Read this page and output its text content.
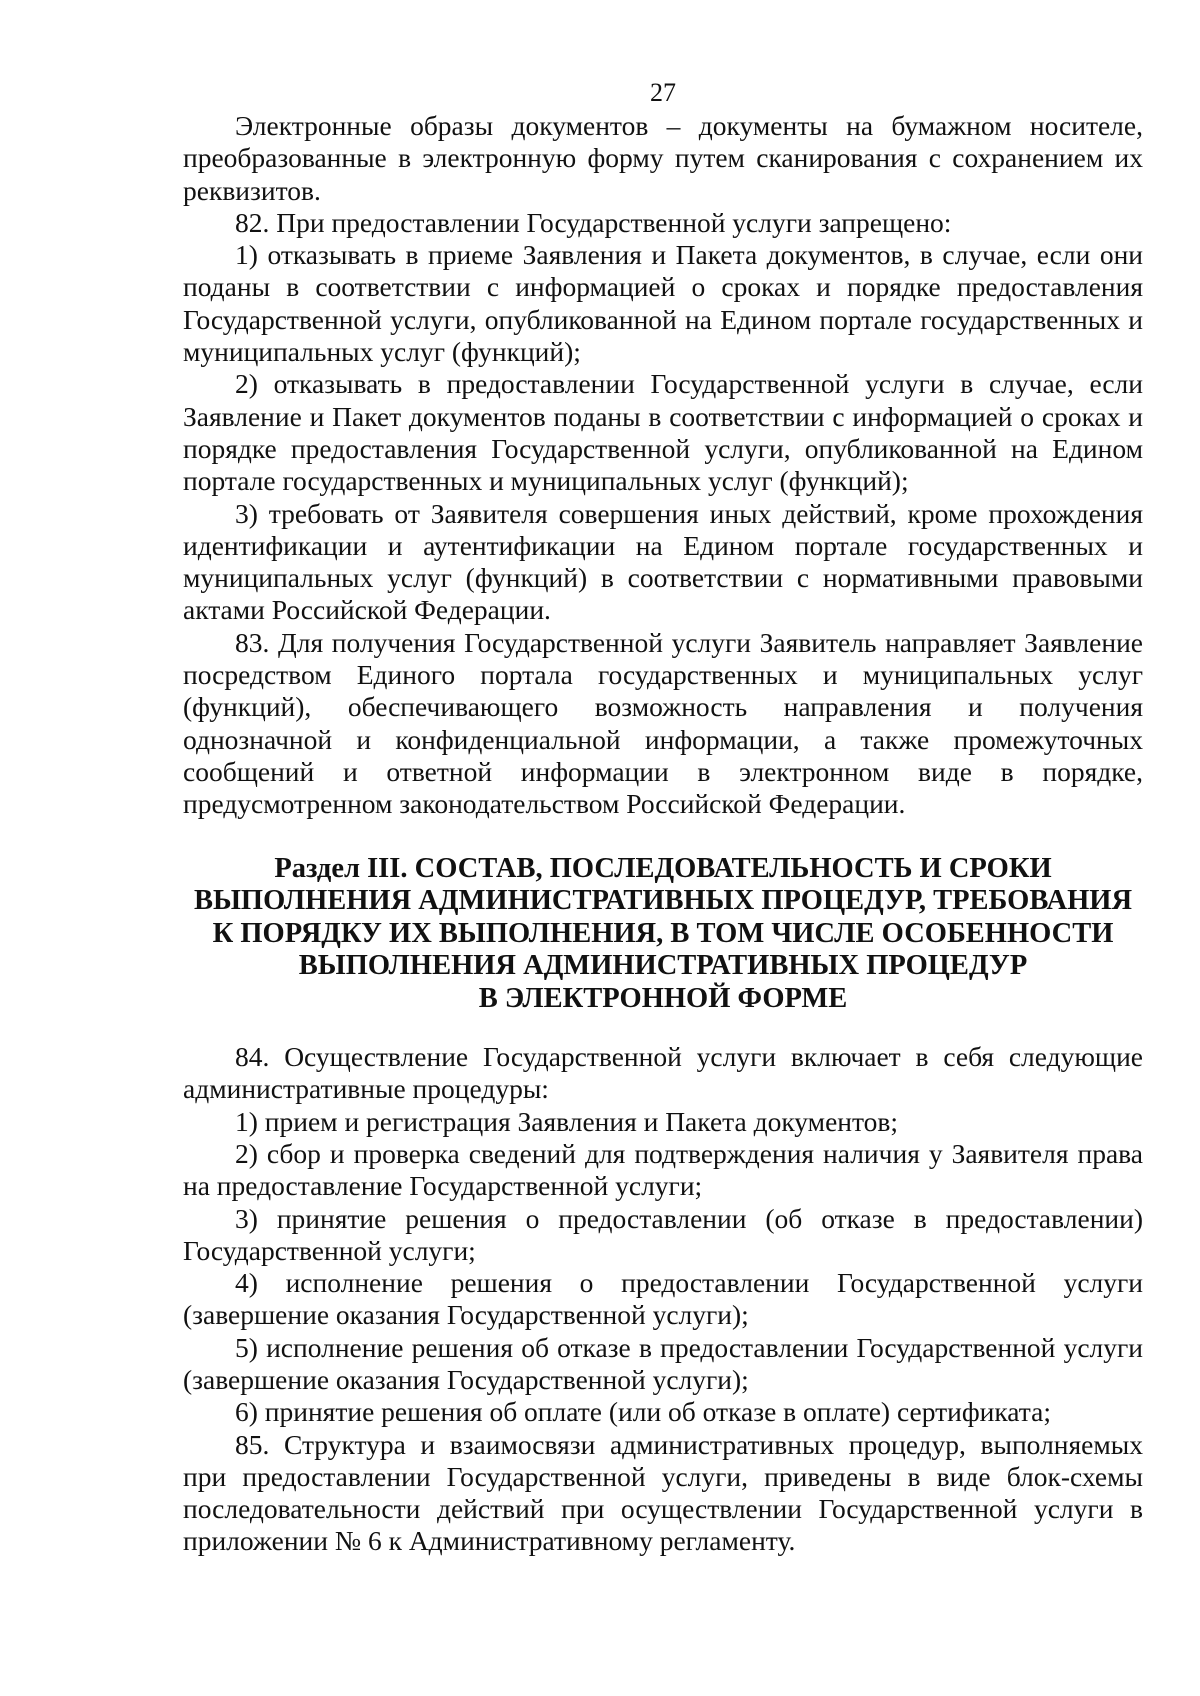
27

Электронные образы документов – документы на бумажном носителе, преобразованные в электронную форму путем сканирования с сохранением их реквизитов.

82. При предоставлении Государственной услуги запрещено:

1) отказывать в приеме Заявления и Пакета документов, в случае, если они поданы в соответствии с информацией о сроках и порядке предоставления Государственной услуги, опубликованной на Едином портале государственных и муниципальных услуг (функций);

2) отказывать в предоставлении Государственной услуги в случае, если Заявление и Пакет документов поданы в соответствии с информацией о сроках и порядке предоставления Государственной услуги, опубликованной на Едином портале государственных и муниципальных услуг (функций);

3) требовать от Заявителя совершения иных действий, кроме прохождения идентификации и аутентификации на Едином портале государственных и муниципальных услуг (функций) в соответствии с нормативными правовыми актами Российской Федерации.

83. Для получения Государственной услуги Заявитель направляет Заявление посредством Единого портала государственных и муниципальных услуг (функций), обеспечивающего возможность направления и получения однозначной и конфиденциальной информации, а также промежуточных сообщений и ответной информации в электронном виде в порядке, предусмотренном законодательством Российской Федерации.

Раздел III. СОСТАВ, ПОСЛЕДОВАТЕЛЬНОСТЬ И СРОКИ
ВЫПОЛНЕНИЯ АДМИНИСТРАТИВНЫХ ПРОЦЕДУР, ТРЕБОВАНИЯ
К ПОРЯДКУ ИХ ВЫПОЛНЕНИЯ, В ТОМ ЧИСЛЕ ОСОБЕННОСТИ
ВЫПОЛНЕНИЯ АДМИНИСТРАТИВНЫХ ПРОЦЕДУР
В ЭЛЕКТРОННОЙ ФОРМЕ

84. Осуществление Государственной услуги включает в себя следующие административные процедуры:

1) прием и регистрация Заявления и Пакета документов;

2) сбор и проверка сведений для подтверждения наличия у Заявителя права на предоставление Государственной услуги;

3) принятие решения о предоставлении (об отказе в предоставлении) Государственной услуги;

4) исполнение решения о предоставлении Государственной услуги (завершение оказания Государственной услуги);

5) исполнение решения об отказе в предоставлении Государственной услуги (завершение оказания Государственной услуги);

6) принятие решения об оплате (или об отказе в оплате) сертификата;

85. Структура и взаимосвязи административных процедур, выполняемых при предоставлении Государственной услуги, приведены в виде блок-схемы последовательности действий при осуществлении Государственной услуги в приложении № 6 к Административному регламенту.
